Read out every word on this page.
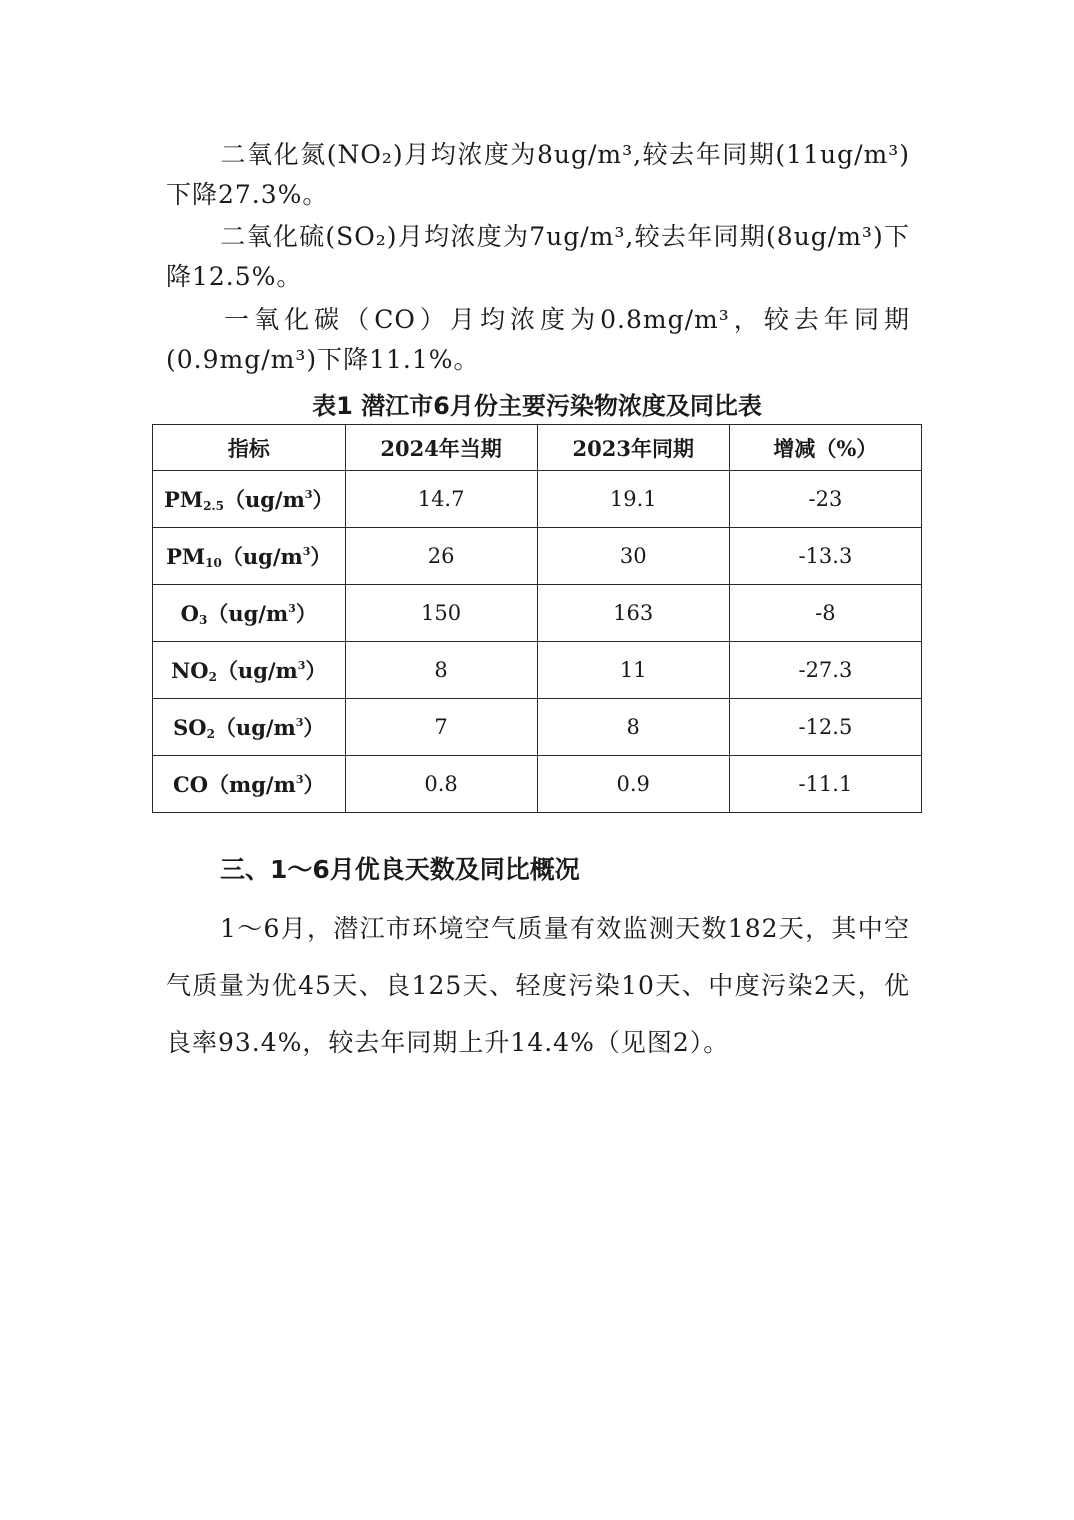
二氧化氮(NO₂)月均浓度为8ug/m³,较去年同期(11ug/m³)下降27.3%。

二氧化硫(SO₂)月均浓度为7ug/m³,较去年同期(8ug/m³)下降12.5%。

一氧化碳（CO）月均浓度为0.8mg/m³，较去年同期(0.9mg/m³)下降11.1%。

表1 潜江市6月份主要污染物浓度及同比表

指标	2024年当期	2023年同期	增减（%）
$PM_{2.5}(ug/m^3)$	14.7	19.1	-23
$PM_{10}(ug/m^3)$	26	30	-13.3
$O_3(ug/m^3)$	150	163	-8
$NO_2(ug/m^3)$	8	11	-27.3
$SO_2(ug/m^3)$	7	8	-12.5
$CO(mg/m^3)$	0.8	0.9	-11.1

三、1～6月优良天数及同比概况

1～6月，潜江市环境空气质量有效监测天数182天，其中空气质量为优45天、良125天、轻度污染10天、中度污染2天，优良率93.4%，较去年同期上升14.4%（见图2）。
